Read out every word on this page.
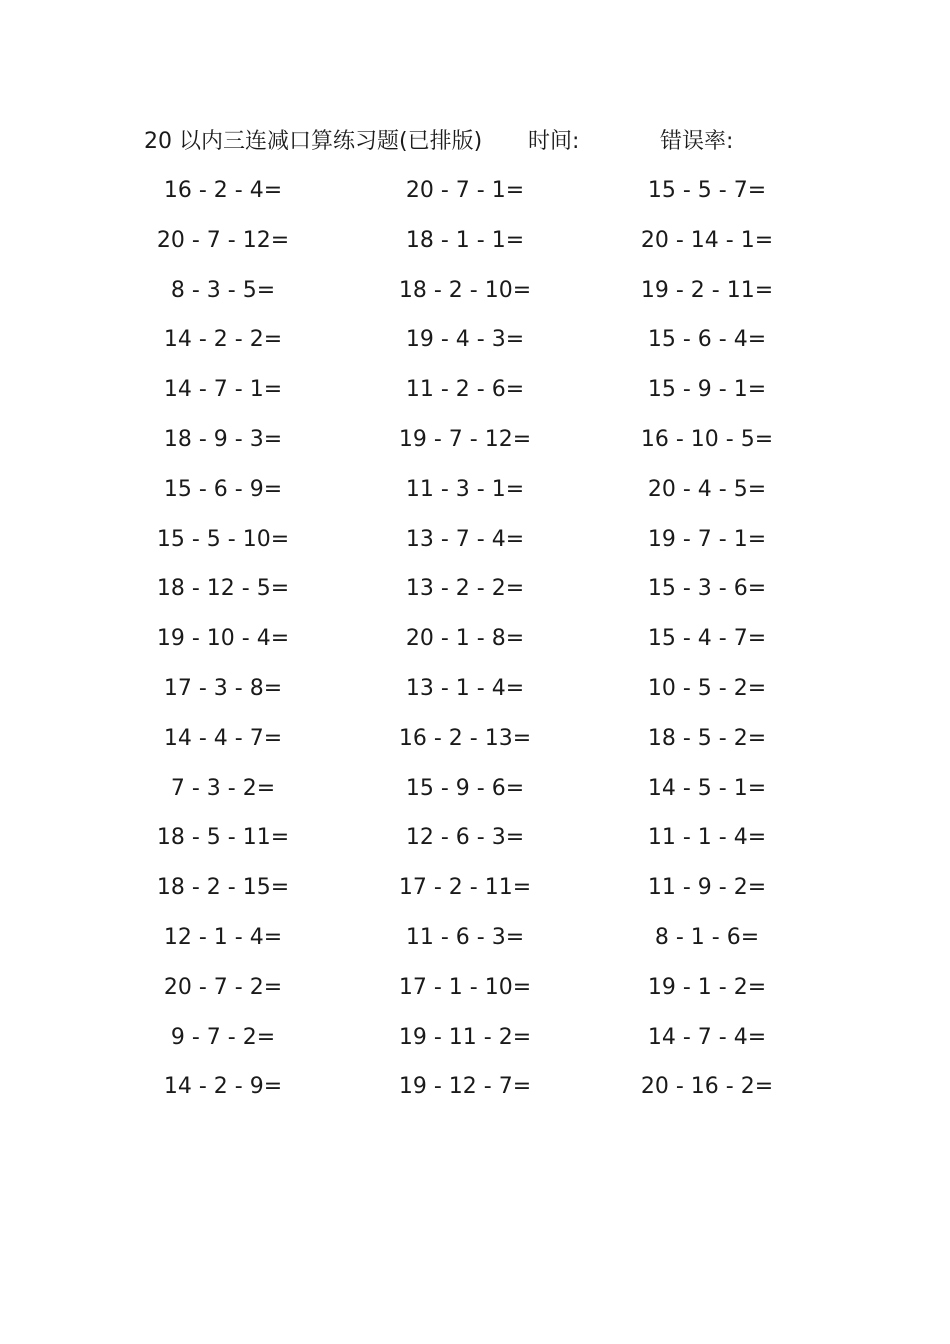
20 以内三连减口算练习题(已排版) 时间:	错误率:
16 - 2 - 4=	20 - 7 - 1=	15 - 5 - 7=
20 - 7 - 12=	18 - 1 - 1=	20 - 14 - 1=
8 - 3 - 5=	18 - 2 - 10=	19 - 2 - 11=
14 - 2 - 2=	19 - 4 - 3=	15 - 6 - 4=
14 - 7 - 1=	11 - 2 - 6=	15 - 9 - 1=
18 - 9 - 3=	19 - 7 - 12=	16 - 10 - 5=
15 - 6 - 9=	11 - 3 - 1=	20 - 4 - 5=
15 - 5 - 10=	13 - 7 - 4=	19 - 7 - 1=
18 - 12 - 5=	13 - 2 - 2=	15 - 3 - 6=
19 - 10 - 4=	20 - 1 - 8=	15 - 4 - 7=
17 - 3 - 8=	13 - 1 - 4=	10 - 5 - 2=
14 - 4 - 7=	16 - 2 - 13=	18 - 5 - 2=
7 - 3 - 2=	15 - 9 - 6=	14 - 5 - 1=
18 - 5 - 11=	12 - 6 - 3=	11 - 1 - 4=
18 - 2 - 15=	17 - 2 - 11=	11 - 9 - 2=
12 - 1 - 4=	11 - 6 - 3=	8 - 1 - 6=
20 - 7 - 2=	17 - 1 - 10=	19 - 1 - 2=
9 - 7 - 2=	19 - 11 - 2=	14 - 7 - 4=
14 - 2 - 9=	19 - 12 - 7=	20 - 16 - 2=
